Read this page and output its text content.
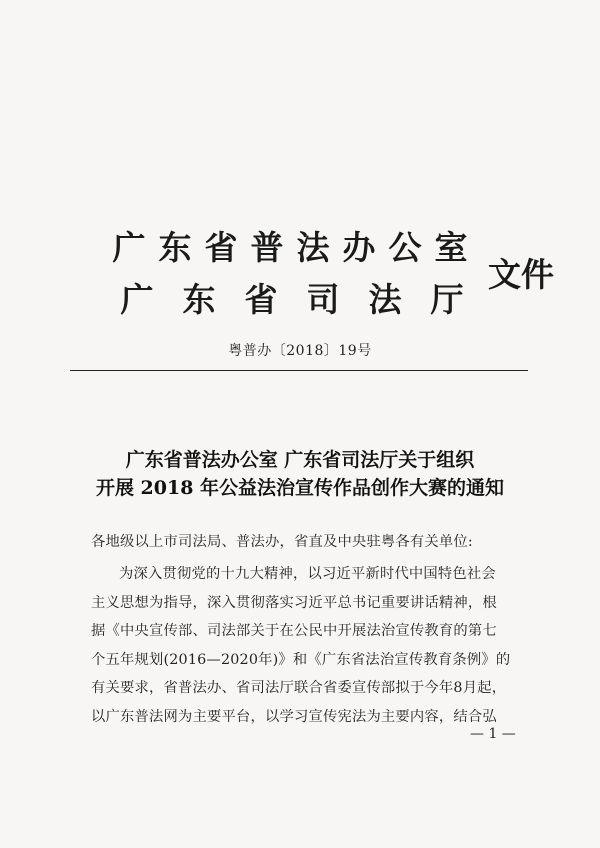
广 东 省 普 法 办 公 室
广 东 省 司 法 厅
文件
粤普办〔2018〕19号
广东省普法办公室 广东省司法厅关于组织
开展 2018 年公益法治宣传作品创作大赛的通知
各地级以上市司法局、普法办，省直及中央驻粤各有关单位:
为深入贯彻党的十九大精神，以习近平新时代中国特色社会
主义思想为指导，深入贯彻落实习近平总书记重要讲话精神，根
据《中央宣传部、司法部关于在公民中开展法治宣传教育的第七
个五年规划(2016—2020年)》和《广东省法治宣传教育条例》的
有关要求，省普法办、省司法厅联合省委宣传部拟于今年8月起，
以广东普法网为主要平台，以学习宣传宪法为主要内容，结合弘
— 1 —
